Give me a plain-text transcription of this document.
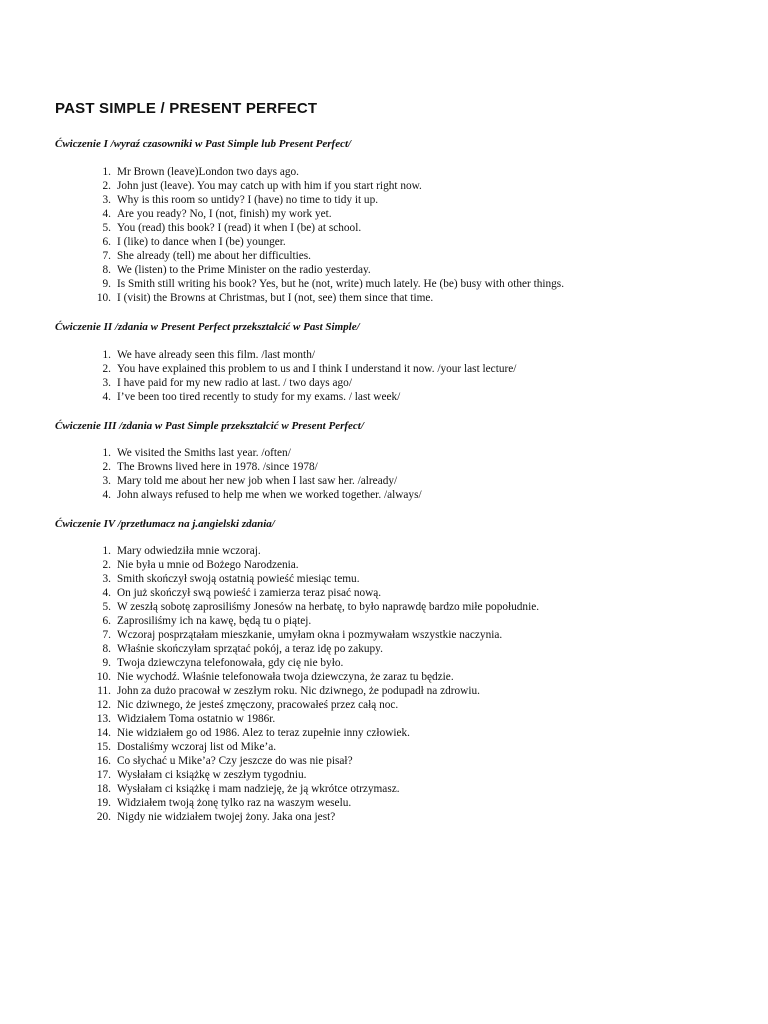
PAST SIMPLE / PRESENT PERFECT
Ćwiczenie I /wyraź czasowniki w Past Simple lub Present Perfect/
1. Mr Brown (leave)London two days ago.
2. John just (leave). You may catch up with him if you start right now.
3. Why is this room so untidy? I (have) no time to tidy it up.
4. Are you ready? No, I (not, finish) my work yet.
5. You (read) this book? I (read) it when I (be) at school.
6. I (like) to dance when I (be) younger.
7. She already (tell) me about her difficulties.
8. We (listen) to the Prime Minister on the radio yesterday.
9. Is Smith still writing his book? Yes, but he (not, write) much lately. He (be) busy with other things.
10. I (visit) the Browns at Christmas, but I (not, see) them since that time.
Ćwiczenie II /zdania w Present Perfect przekształcić w Past Simple/
1. We have already seen this film. /last month/
2. You have explained this problem to us and I think I understand it now. /your last lecture/
3. I have paid for my new radio at last. / two days ago/
4. I’ve been too tired recently to study for my exams. / last week/
Ćwiczenie III /zdania w Past Simple przekształcić w Present Perfect/
1. We visited the Smiths last year. /often/
2. The Browns lived here in 1978. /since 1978/
3. Mary told me about her new job when I last saw her. /already/
4. John always refused to help me when we worked together. /always/
Ćwiczenie IV /przetłumacz na j.angielski zdania/
1. Mary odwiedziła mnie wczoraj.
2. Nie była u mnie od Bożego Narodzenia.
3. Smith skończył swoją ostatnią powieść miesiąc temu.
4. On już skończył swą powieść i zamierza teraz pisać nową.
5. W zeszłą sobotę zaprosiliśmy Jonesów na herbatę, to było naprawdę bardzo miłe popołudnie.
6. Zaprosiliśmy ich na kawę, będą tu o piątej.
7. Wczoraj posprzątałam mieszkanie, umyłam okna i pozmywałam wszystkie naczynia.
8. Właśnie skończyłam sprzątać pokój, a teraz idę po zakupy.
9. Twoja dziewczyna telefonowała, gdy cię nie było.
10. Nie wychodź. Właśnie telefonowała twoja dziewczyna, że zaraz tu będzie.
11. John za dużo pracował w zeszłym roku. Nic dziwnego, że podupadł na zdrowiu.
12. Nic dziwnego, że jesteś zmęczony, pracowałeś przez całą noc.
13. Widziałem Toma ostatnio w 1986r.
14. Nie widziałem go od 1986. Alez to teraz zupełnie inny człowiek.
15. Dostaliśmy wczoraj list od Mike’a.
16. Co słychać u Mike’a? Czy jeszcze do was nie pisał?
17. Wysłałam ci książkę w zeszłym tygodniu.
18. Wysłałam ci książkę i mam nadzieję, że ją wkrótce otrzymasz.
19. Widziałem twoją żonę tylko raz na waszym weselu.
20. Nigdy nie widziałem twojej żony. Jaka ona jest?
